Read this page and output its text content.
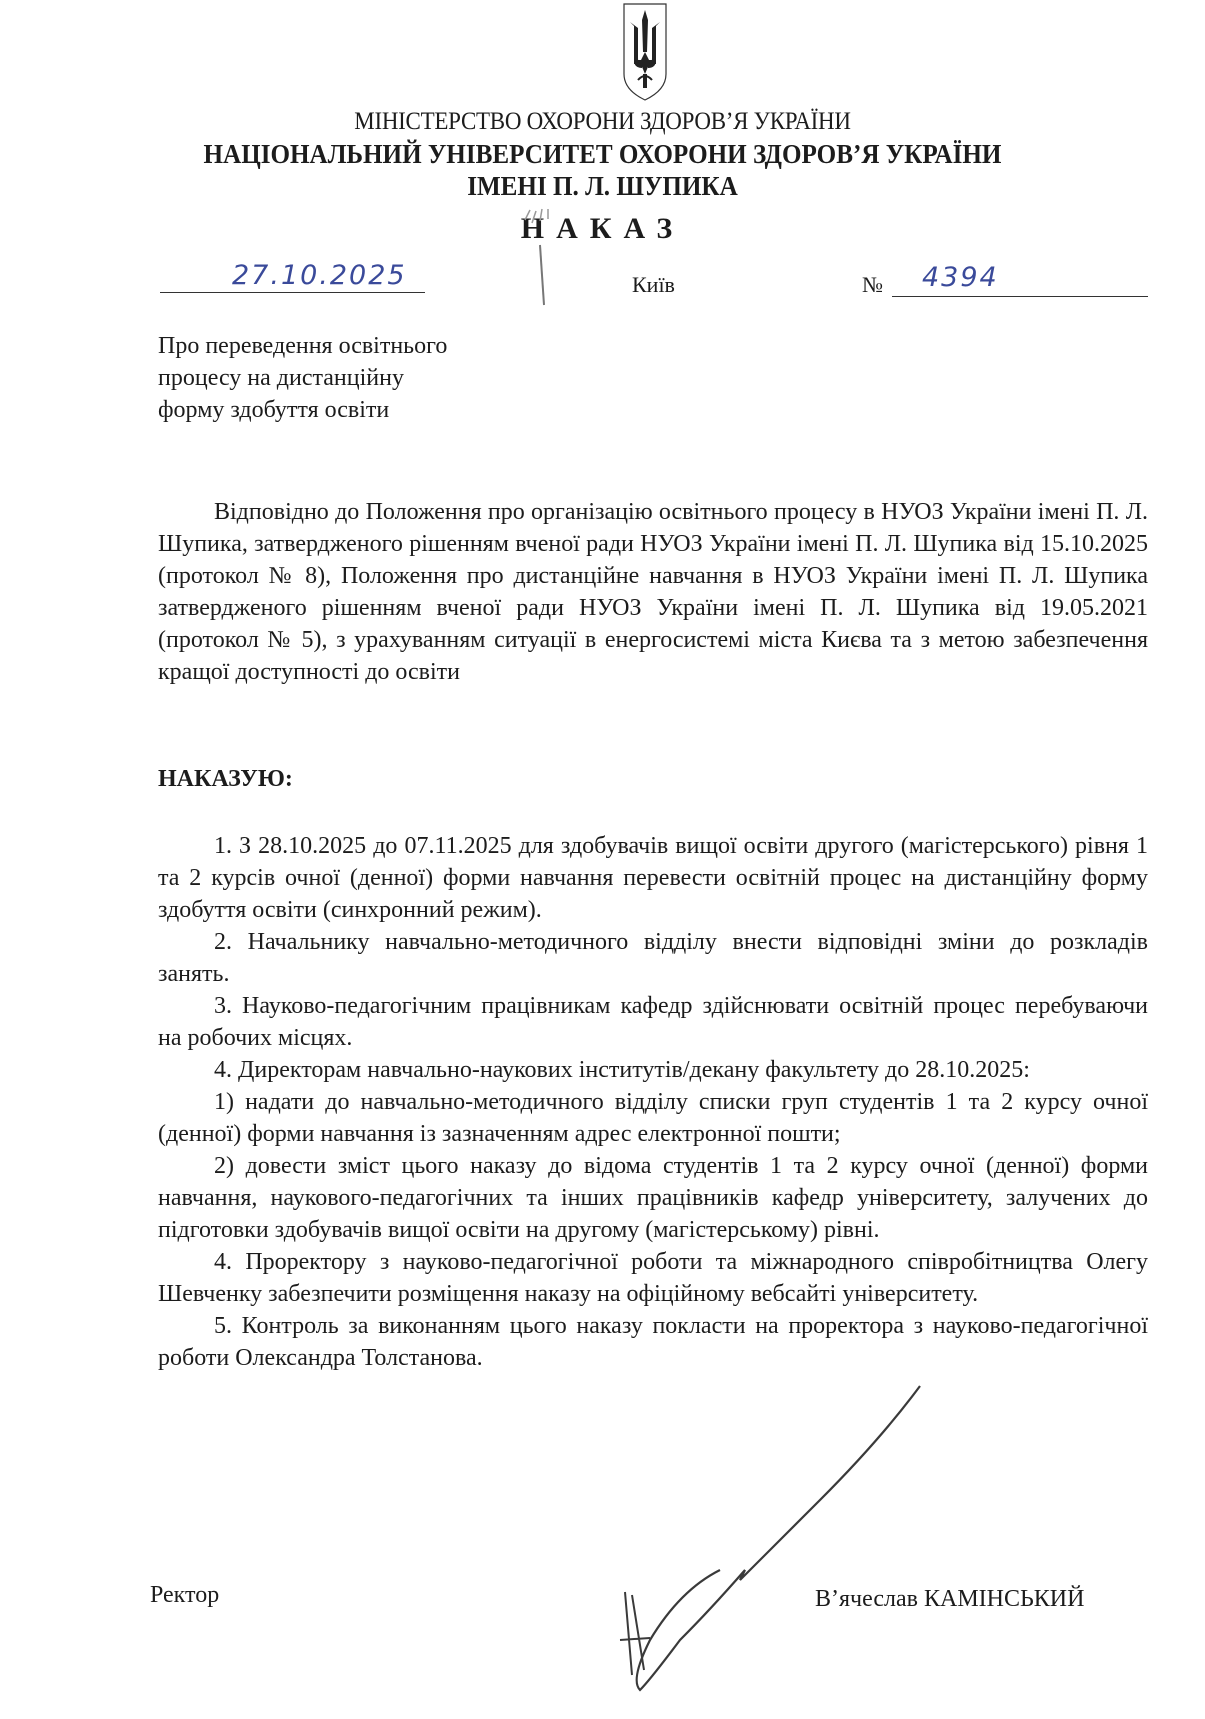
МІНІСТЕРСТВО ОХОРОНИ ЗДОРОВ’Я УКРАЇНИ
НАЦІОНАЛЬНИЙ УНІВЕРСИТЕТ ОХОРОНИ ЗДОРОВ’Я УКРАЇНИ
ІМЕНІ П. Л. ШУПИКА
НАКАЗ
27.10.2025	Київ	№ 4394
Про переведення освітнього
процесу на дистанційну
форму здобуття освіти

Відповідно до Положення про організацію освітнього процесу в НУОЗ України імені П. Л. Шупика, затвердженого рішенням вченої ради НУОЗ України імені П. Л. Шупика від 15.10.2025 (протокол № 8), Положення про дистанційне навчання в НУОЗ України імені П. Л. Шупика затвердженого рішенням вченої ради НУОЗ України імені П. Л. Шупика від 19.05.2021 (протокол № 5), з урахуванням ситуації в енергосистемі міста Києва та з метою забезпечення кращої доступності до освіти

НАКАЗУЮ:

1. З 28.10.2025 до 07.11.2025 для здобувачів вищої освіти другого (магістерського) рівня 1 та 2 курсів очної (денної) форми навчання перевести освітній процес на дистанційну форму здобуття освіти (синхронний режим).

2. Начальнику навчально-методичного відділу внести відповідні зміни до розкладів занять.

3. Науково-педагогічним працівникам кафедр здійснювати освітній процес перебуваючи на робочих місцях.

4. Директорам навчально-наукових інститутів/декану факультету до 28.10.2025:

1) надати до навчально-методичного відділу списки груп студентів 1 та 2 курсу очної (денної) форми навчання із зазначенням адрес електронної пошти;

2) довести зміст цього наказу до відома студентів 1 та 2 курсу очної (денної) форми навчання, наукового-педагогічних та інших працівників кафедр університету, залучених до підготовки здобувачів вищої освіти на другому (магістерському) рівні.

4. Проректору з науково-педагогічної роботи та міжнародного співробітництва Олегу Шевченку забезпечити розміщення наказу на офіційному вебсайті університету.

5. Контроль за виконанням цього наказу покласти на проректора з науково-педагогічної роботи Олександра Толстанова.

Ректор	В’ячеслав КАМІНСЬКИЙ
